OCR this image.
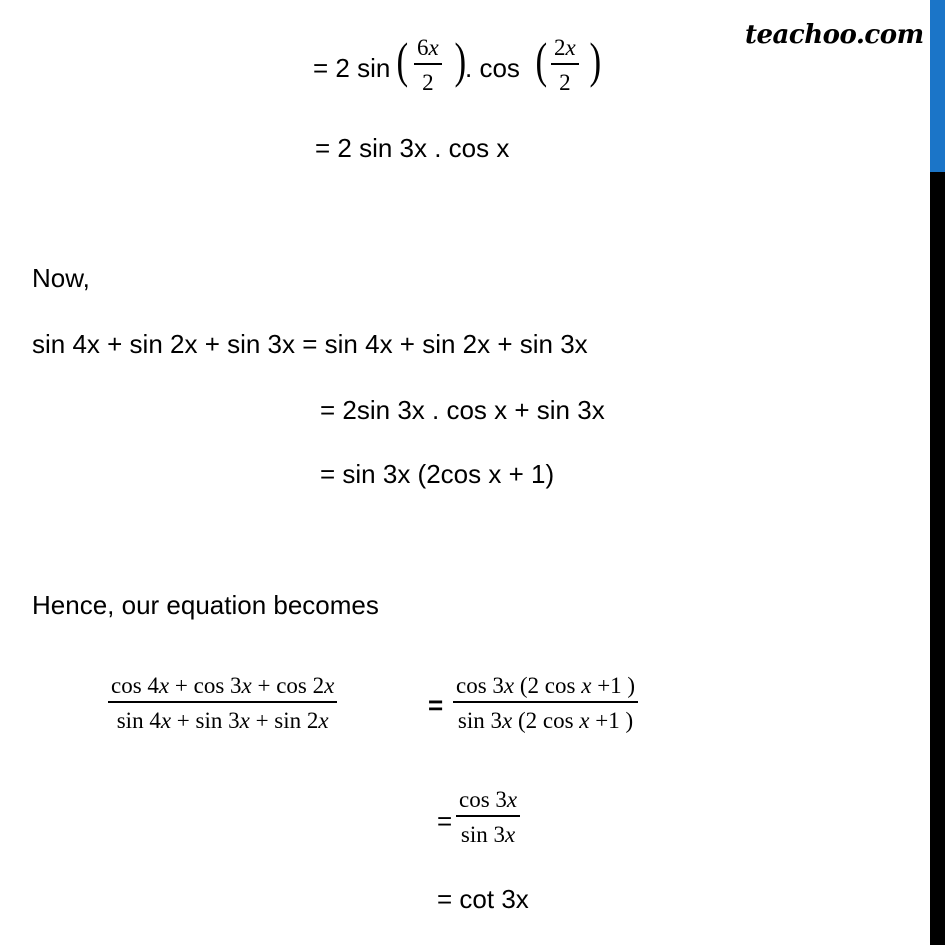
teachoo.com
= 2 sin ( $\frac{6x}{2}$ )
. cos ( $\frac{2x}{2}$ )
= 2 sin 3x . cos x
Now,
sin 4x + sin 2x + sin 3x = sin 4x + sin 2x + sin 3x
= 2sin 3x . cos x + sin 3x
= sin 3x (2cos x + 1)
Hence, our equation becomes
$\frac{\cos 4x + \cos 3x + \cos 2x}{\sin 4x + \sin 3x + \sin 2x}$	= $\frac{\text{cos 3x (2 cos x +1 )}}{\text{sin 3x (2 cos x +1 )}}$
= $\frac{\cos 3x}{\sin 3x}$
= cot 3x
